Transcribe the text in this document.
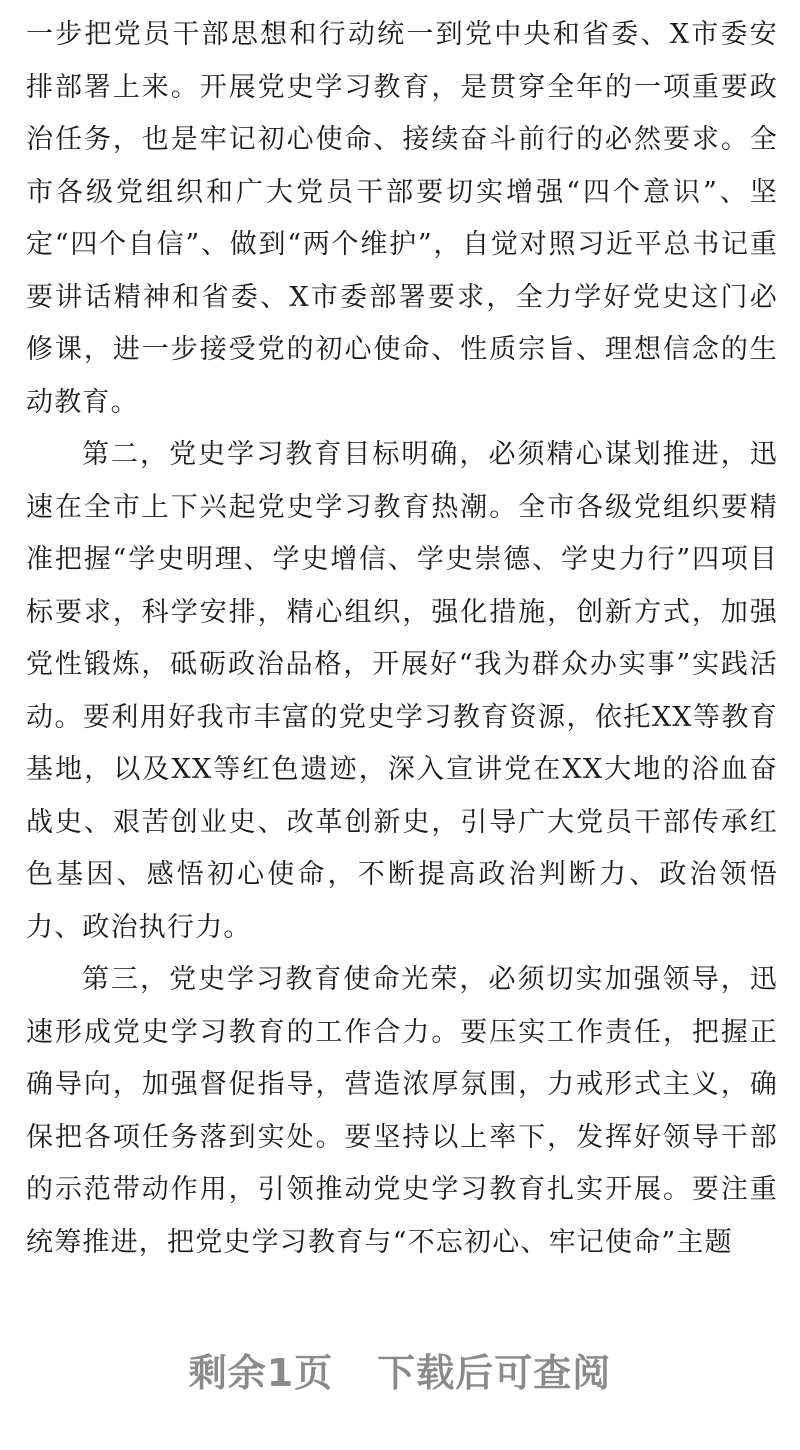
一步把党员干部思想和行动统一到党中央和省委、X市委安排部署上来。开展党史学习教育，是贯穿全年的一项重要政治任务，也是牢记初心使命、接续奋斗前行的必然要求。全市各级党组织和广大党员干部要切实增强“四个意识”、坚定“四个自信”、做到“两个维护”，自觉对照习近平总书记重要讲话精神和省委、X市委部署要求，全力学好党史这门必修课，进一步接受党的初心使命、性质宗旨、理想信念的生动教育。

第二，党史学习教育目标明确，必须精心谋划推进，迅速在全市上下兴起党史学习教育热潮。全市各级党组织要精准把握“学史明理、学史增信、学史崇德、学史力行”四项目标要求，科学安排，精心组织，强化措施，创新方式，加强党性锻炼，砥砺政治品格，开展好“我为群众办实事”实践活动。要利用好我市丰富的党史学习教育资源，依托XX等教育基地，以及XX等红色遗迹，深入宣讲党在XX大地的浴血奋战史、艰苦创业史、改革创新史，引导广大党员干部传承红色基因、感悟初心使命，不断提高政治判断力、政治领悟力、政治执行力。

第三，党史学习教育使命光荣，必须切实加强领导，迅速形成党史学习教育的工作合力。要压实工作责任，把握正确导向，加强督促指导，营造浓厚氛围，力戒形式主义，确保把各项任务落到实处。要坚持以上率下，发挥好领导干部的示范带动作用，引领推动党史学习教育扎实开展。要注重统筹推进，把党史学习教育与“不忘初心、牢记使命”主题

剩余1页 下载后可查阅
